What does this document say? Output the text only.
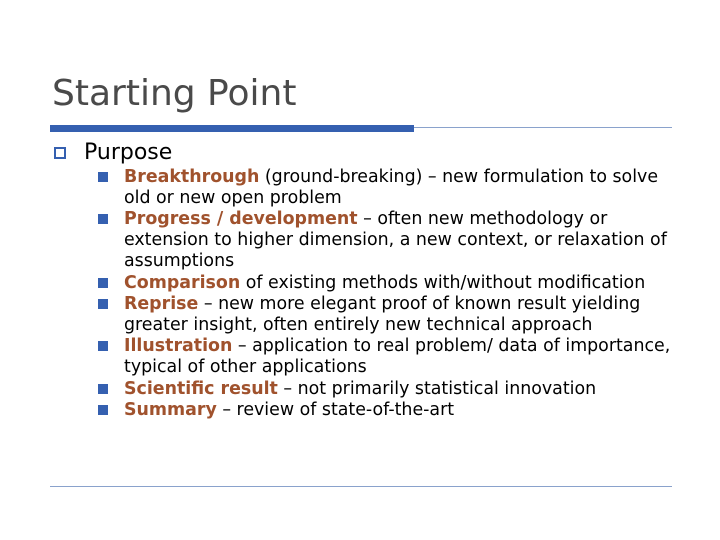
Starting Point
Purpose
Breakthrough (ground-breaking) – new formulation to solve old or new open problem
Progress / development – often new methodology or extension to higher dimension, a new context, or relaxation of assumptions
Comparison of existing methods with/without modification
Reprise – new more elegant proof of known result yielding greater insight, often entirely new technical approach
Illustration – application to real problem/ data of importance, typical of other applications
Scientific result – not primarily statistical innovation
Summary – review of state-of-the-art
